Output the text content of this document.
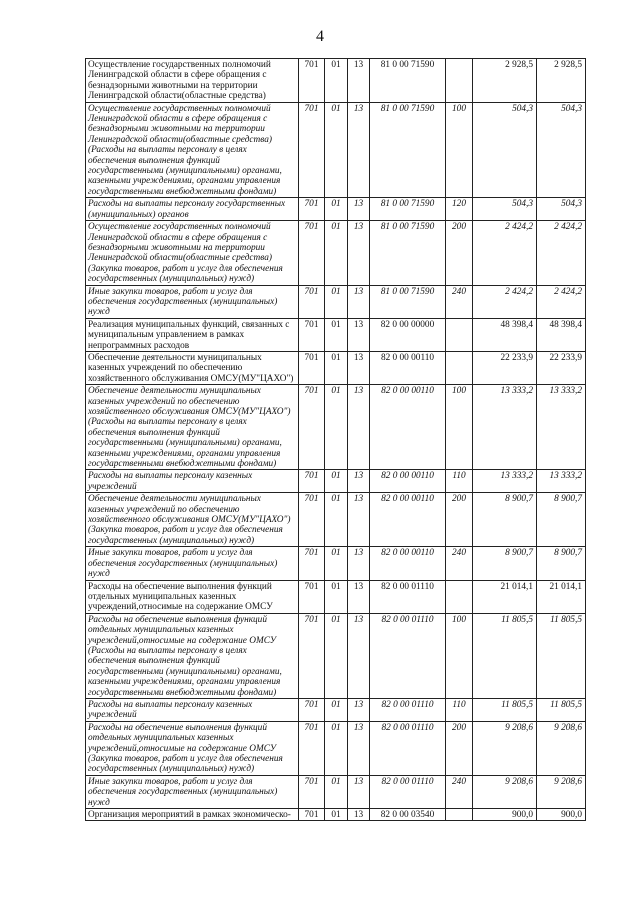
4
Осуществление государственных полномочий Ленинградской области в сфере обращения с безнадзорными животными на территории Ленинградской области(областные средства)	701	01	13	81 0 00 71590		2 928,5	2 928,5
Осуществление государственных полномочий Ленинградской области в сфере обращения с безнадзорными животными на территории Ленинградской области(областные средства) (Расходы на выплаты персоналу в целях обеспечения выполнения функций государственными (муниципальными) органами, казенными учреждениями, органами управления государственными внебюджетными фондами)	701	01	13	81 0 00 71590	100	504,3	504,3
Расходы на выплаты персоналу государственных (муниципальных) органов	701	01	13	81 0 00 71590	120	504,3	504,3
Осуществление государственных полномочий Ленинградской области в сфере обращения с безнадзорными животными на территории Ленинградской области(областные средства) (Закупка товаров, работ и услуг для обеспечения государственных (муниципальных) нужд)	701	01	13	81 0 00 71590	200	2 424,2	2 424,2
Иные закупки товаров, работ и услуг для обеспечения государственных (муниципальных) нужд	701	01	13	81 0 00 71590	240	2 424,2	2 424,2
Реализация муниципальных функций, связанных с муниципальным управлением в рамках непрограммных расходов	701	01	13	82 0 00 00000		48 398,4	48 398,4
Обеспечение деятельности муниципальных казенных учреждений по обеспечению хозяйственного обслуживания ОМСУ(МУ"ЦАХО")	701	01	13	82 0 00 00110		22 233,9	22 233,9
Обеспечение деятельности муниципальных казенных учреждений по обеспечению хозяйственного обслуживания ОМСУ(МУ"ЦАХО") (Расходы на выплаты персоналу в целях обеспечения выполнения функций государственными (муниципальными) органами, казенными учреждениями, органами управления государственными внебюджетными фондами)	701	01	13	82 0 00 00110	100	13 333,2	13 333,2
Расходы на выплаты персоналу казенных учреждений	701	01	13	82 0 00 00110	110	13 333,2	13 333,2
Обеспечение деятельности муниципальных казенных учреждений по обеспечению хозяйственного обслуживания ОМСУ(МУ"ЦАХО") (Закупка товаров, работ и услуг для обеспечения государственных (муниципальных) нужд)	701	01	13	82 0 00 00110	200	8 900,7	8 900,7
Иные закупки товаров, работ и услуг для обеспечения государственных (муниципальных) нужд	701	01	13	82 0 00 00110	240	8 900,7	8 900,7
Расходы на обеспечение выполнения функций отдельных муниципальных казенных учреждений,относимые на содержание ОМСУ	701	01	13	82 0 00 01110		21 014,1	21 014,1
Расходы на обеспечение выполнения функций отдельных муниципальных казенных учреждений,относимые на содержание ОМСУ (Расходы на выплаты персоналу в целях обеспечения выполнения функций государственными (муниципальными) органами, казенными учреждениями, органами управления государственными внебюджетными фондами)	701	01	13	82 0 00 01110	100	11 805,5	11 805,5
Расходы на выплаты персоналу казенных учреждений	701	01	13	82 0 00 01110	110	11 805,5	11 805,5
Расходы на обеспечение выполнения функций отдельных муниципальных казенных учреждений,относимые на содержание ОМСУ (Закупка товаров, работ и услуг для обеспечения государственных (муниципальных) нужд)	701	01	13	82 0 00 01110	200	9 208,6	9 208,6
Иные закупки товаров, работ и услуг для обеспечения государственных (муниципальных) нужд	701	01	13	82 0 00 01110	240	9 208,6	9 208,6
Организация мероприятий в рамках экономическо-	701	01	13	82 0 00 03540		900,0	900,0
